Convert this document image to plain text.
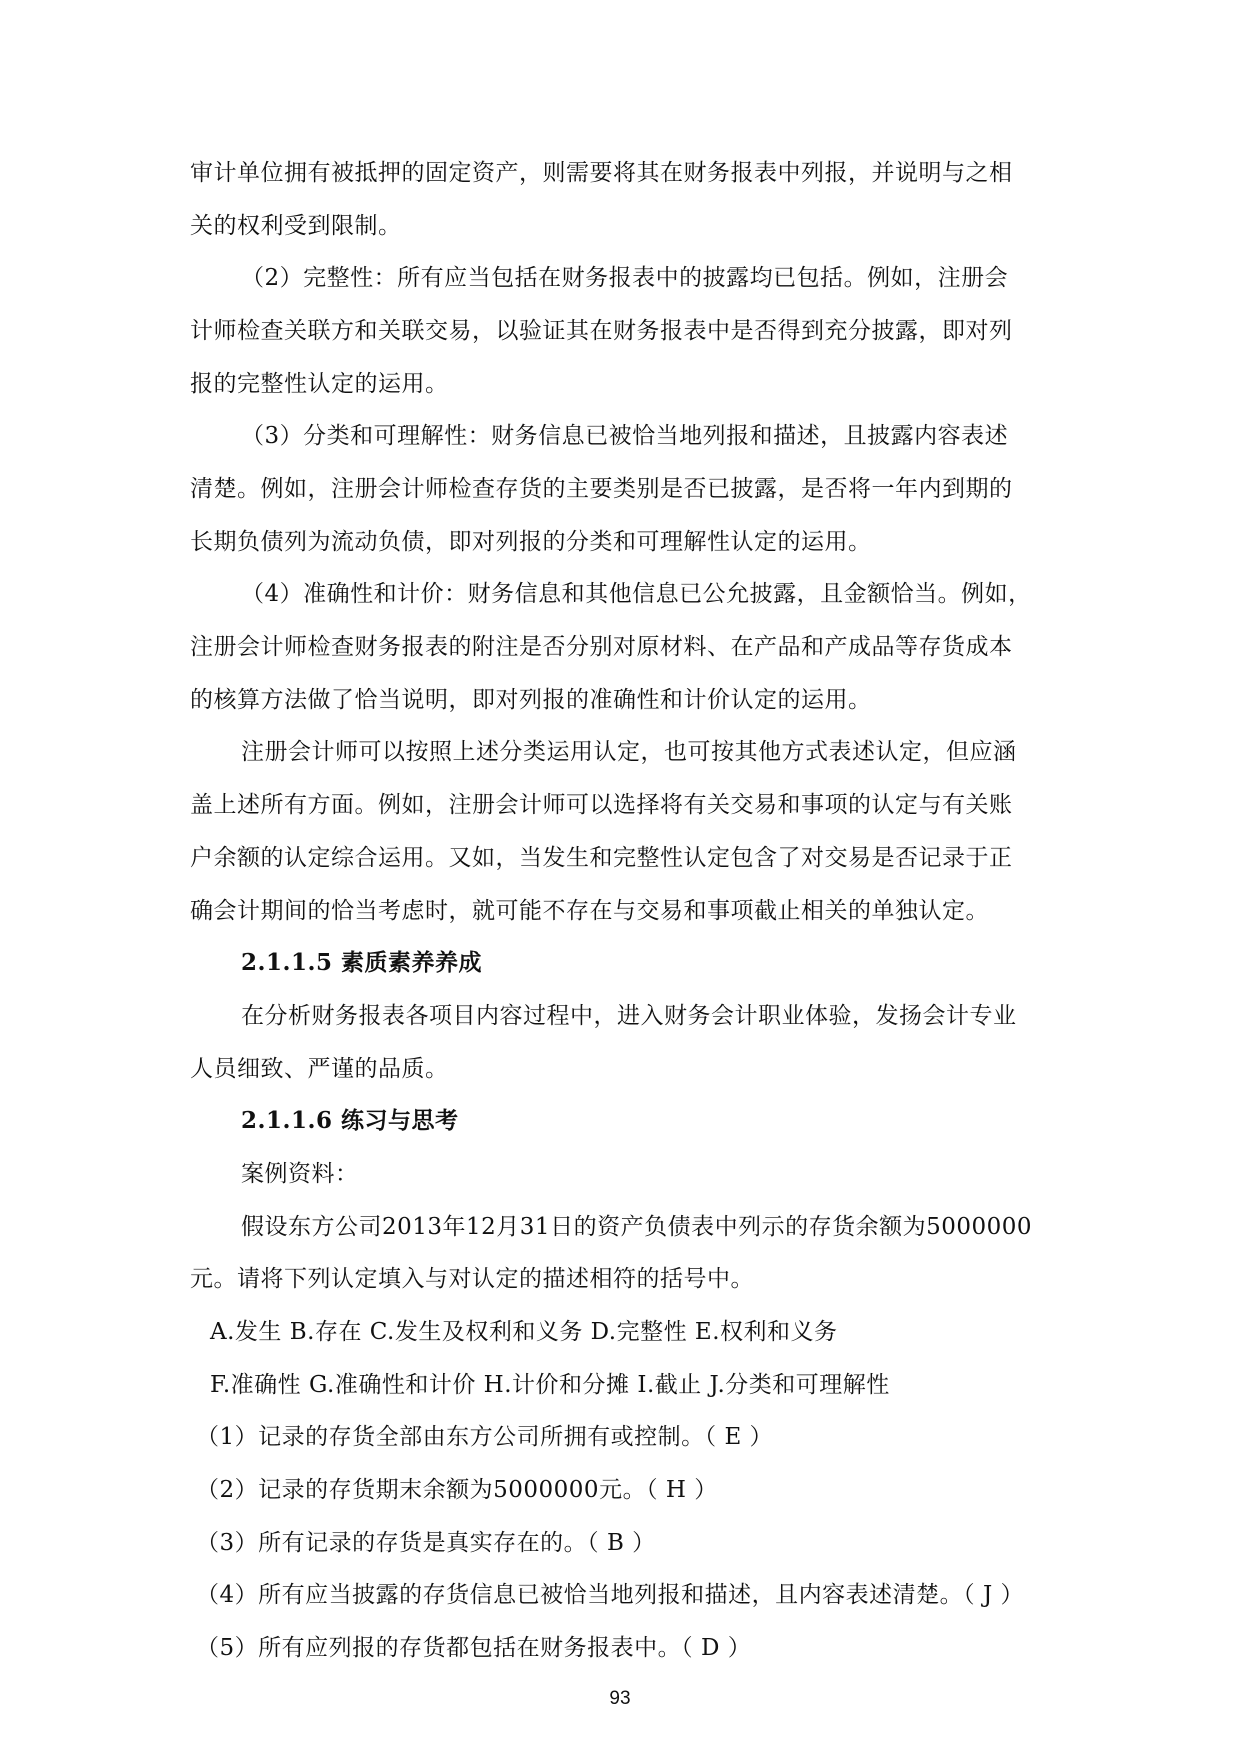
审计单位拥有被抵押的固定资产，则需要将其在财务报表中列报，并说明与之相
关的权利受到限制。
（2）完整性：所有应当包括在财务报表中的披露均已包括。例如，注册会
计师检查关联方和关联交易，以验证其在财务报表中是否得到充分披露，即对列
报的完整性认定的运用。
（3）分类和可理解性：财务信息已被恰当地列报和描述，且披露内容表述
清楚。例如，注册会计师检查存货的主要类别是否已披露，是否将一年内到期的
长期负债列为流动负债，即对列报的分类和可理解性认定的运用。
（4）准确性和计价：财务信息和其他信息已公允披露，且金额恰当。例如，
注册会计师检查财务报表的附注是否分别对原材料、在产品和产成品等存货成本
的核算方法做了恰当说明，即对列报的准确性和计价认定的运用。
注册会计师可以按照上述分类运用认定，也可按其他方式表述认定，但应涵
盖上述所有方面。例如，注册会计师可以选择将有关交易和事项的认定与有关账
户余额的认定综合运用。又如，当发生和完整性认定包含了对交易是否记录于正
确会计期间的恰当考虑时，就可能不存在与交易和事项截止相关的单独认定。
2.1.1.5 素质素养养成
在分析财务报表各项目内容过程中，进入财务会计职业体验，发扬会计专业
人员细致、严谨的品质。
2.1.1.6 练习与思考
案例资料：
假设东方公司2013年12月31日的资产负债表中列示的存货余额为5000000
元。请将下列认定填入与对认定的描述相符的括号中。
A.发生 B.存在 C.发生及权利和义务 D.完整性 E.权利和义务
F.准确性 G.准确性和计价 H.计价和分摊 I.截止 J.分类和可理解性
（1）记录的存货全部由东方公司所拥有或控制。（ E ）
（2）记录的存货期末余额为5000000元。（ H ）
（3）所有记录的存货是真实存在的。（ B ）
（4）所有应当披露的存货信息已被恰当地列报和描述，且内容表述清楚。（ J ）
（5）所有应列报的存货都包括在财务报表中。（ D ）
93
